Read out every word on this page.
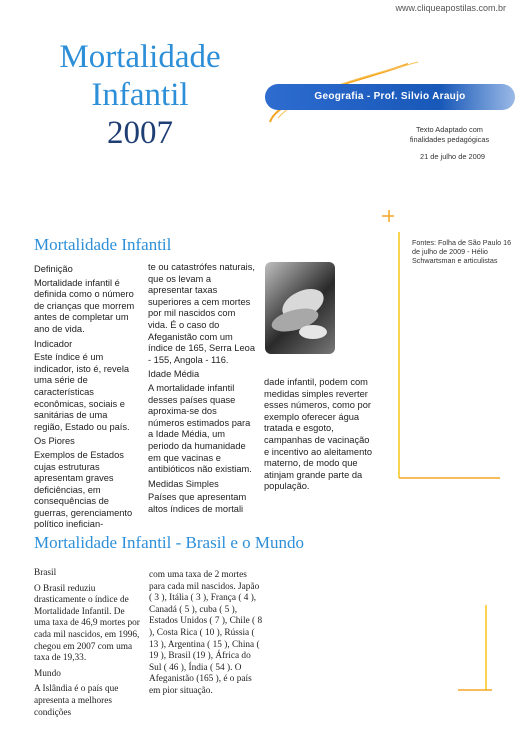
www.cliqueapostilas.com.br
Mortalidade
Infantil
2007
Geografia - Prof. Silvio Araujo
Texto Adaptado com
finalidades pedagógicas
21 de julho de 2009
Mortalidade Infantil	Fontes: Folha de São Paulo 16 de julho de 2009 - Hélio Schwartsman e articulistas

Definição

Mortalidade infantil é definida como o número de crianças que morrem antes de completar um ano de vida.

Indicador

Este índice é um indicador, isto é, revela uma série de características econômicas, sociais e sanitárias de uma região, Estado ou país.

Os Piores

Exemplos de Estados cujas estruturas apresentam graves deficiências, em consequências de guerras, gerenciamento político inefician-

te ou catastrófes naturais, que os levam a apresentar taxas superiores a cem mortes por mil nascidos com vida. É o caso do Afeganistão com um índice de 165, Serra Leoa - 155, Angola - 116.

Idade Média

A mortalidade infantil desses países quase aproxima-se dos números estimados para a Idade Média, um periodo da humanidade em que vacinas e antibióticos não existiam.

Medidas Simples

Países que apresentam altos índices de mortali

dade infantil, podem com medidas simples reverter esses números, como por exemplo oferecer água tratada e esgoto, campanhas de vacinação e incentivo ao aleitamento materno, de modo que atinjam grande parte da população.

Mortalidade Infantil - Brasil e o Mundo

Brasil

O Brasil reduziu drasticamente o índice de Mortalidade Infantil. De uma taxa de 46,9 mortes por cada mil nascidos, em 1996, chegou em 2007 com uma taxa de 19,33.

Mundo

A Islândia é o país que apresenta a melhores condições

com uma taxa de 2 mortes para cada mil nascidos. Japão ( 3 ), Itália ( 3 ), França ( 4 ), Canadá ( 5 ), cuba ( 5 ), Estados Unidos ( 7 ), Chile ( 8 ), Costa Rica ( 10 ), Rússia ( 13 ), Argentina ( 15 ), China ( 19 ), Brasil (19 ), África do Sul ( 46 ), Índia ( 54 ). O Afeganistão (165 ), é o país em pior situação.
